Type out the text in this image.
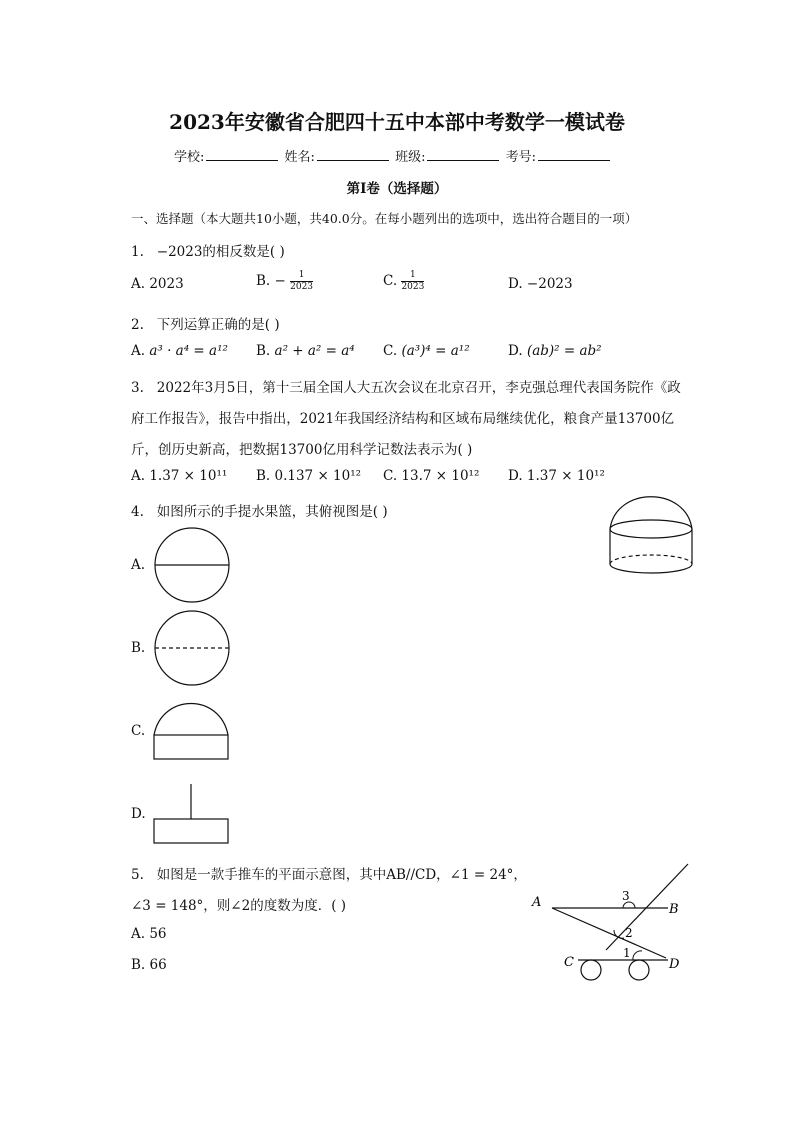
2023年安徽省合肥四十五中本部中考数学一模试卷
学校:	姓名:	班级:	考号:
第I卷（选择题）
一、选择题（本大题共10小题，共40.0分。在每小题列出的选项中，选出符合题目的一项）
1. −2023的相反数是( )
A. 2023	B. − $\frac{1}{2023}$	C. $\frac{1}{2023}$	D. −2023
2. 下列运算正确的是( )
A. a³ · a⁴ = a¹² B. a² + a² = a⁴ C. (a³)⁴ = a¹²	D. (ab)² = ab²
3. 2022年3月5日，第十三届全国人大五次会议在北京召开，李克强总理代表国务院作《政
府工作报告》，报告中指出，2021年我国经济结构和区域布局继续优化，粮食产量13700亿
斤，创历史新高，把数据13700亿用科学记数法表示为( )
A. 1.37 × 10¹¹ B. 0.137 × 10¹² C. 13.7 × 10¹² D. 1.37 × 10¹²
4. 如图所示的手提水果篮，其俯视图是( )
A.
B.
C.
D.
5. 如图是一款手推车的平面示意图，其中AB//CD，∠1 = 24°，
∠3 = 148°，则∠2的度数为度．( )
A. 56
B. 66
A	B
C	D
3
2
1
